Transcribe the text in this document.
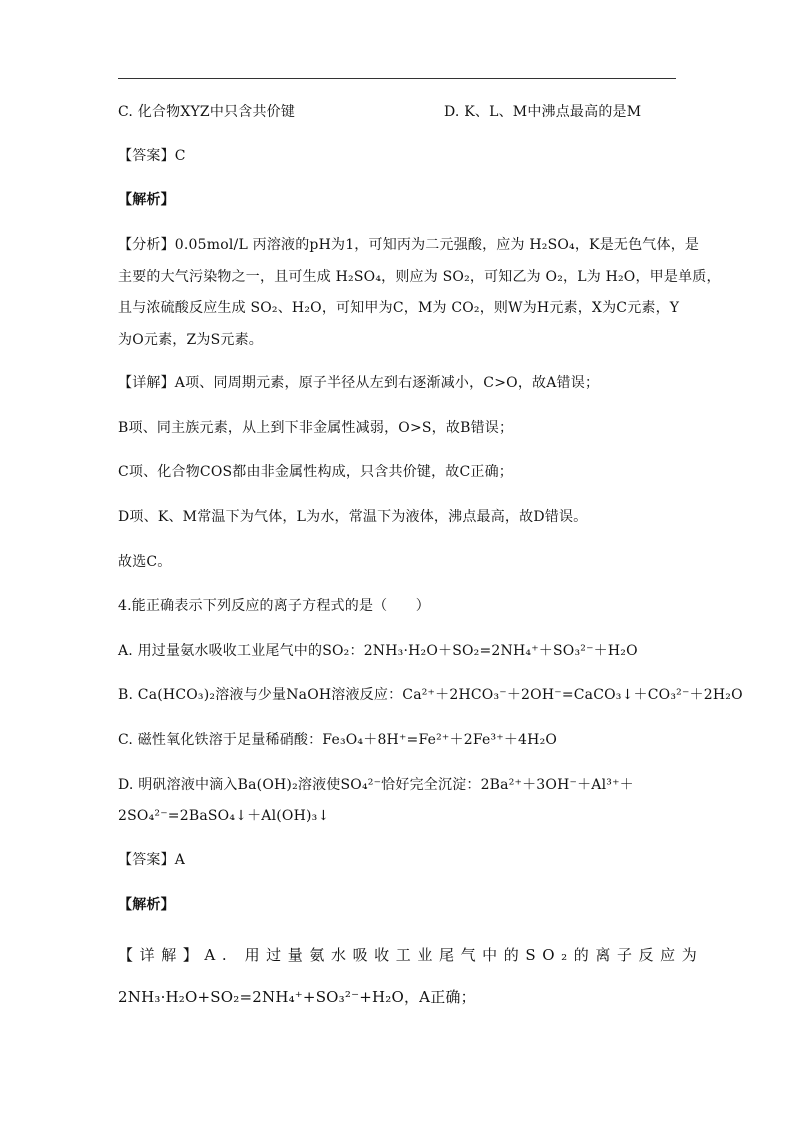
C. 化合物XYZ中只含共价键	D. K、L、M中沸点最高的是M
【答案】C
【解析】
【分析】0.05mol/L 丙溶液的pH为1，可知丙为二元强酸，应为 H₂SO₄，K是无色气体，是
主要的大气污染物之一，且可生成 H₂SO₄，则应为 SO₂，可知乙为 O₂，L为 H₂O，甲是单质，
且与浓硫酸反应生成 SO₂、H₂O，可知甲为C，M为 CO₂，则W为H元素，X为C元素，Y
为O元素，Z为S元素。
【详解】A项、同周期元素，原子半径从左到右逐渐减小，C>O，故A错误；
B项、同主族元素，从上到下非金属性减弱，O>S，故B错误；
C项、化合物COS都由非金属性构成，只含共价键，故C正确；
D项、K、M常温下为气体，L为水，常温下为液体，沸点最高，故D错误。
故选C。
4.能正确表示下列反应的离子方程式的是（　　）
A. 用过量氨水吸收工业尾气中的SO₂：2NH₃·H₂O＋SO₂=2NH₄⁺＋SO₃²⁻＋H₂O
B. Ca(HCO₃)₂溶液与少量NaOH溶液反应：Ca²⁺＋2HCO₃⁻＋2OH⁻=CaCO₃↓＋CO₃²⁻＋2H₂O
C. 磁性氧化铁溶于足量稀硝酸：Fe₃O₄＋8H⁺=Fe²⁺＋2Fe³⁺＋4H₂O
D. 明矾溶液中滴入Ba(OH)₂溶液使SO₄²⁻恰好完全沉淀：2Ba²⁺＋3OH⁻＋Al³⁺＋
2SO₄²⁻=2BaSO₄↓＋Al(OH)₃↓
【答案】A
【解析】
【详解】A. 用过量氨水吸收工业尾气中的SO₂的离子反应为
2NH₃·H₂O+SO₂=2NH₄⁺+SO₃²⁻+H₂O，A正确；
